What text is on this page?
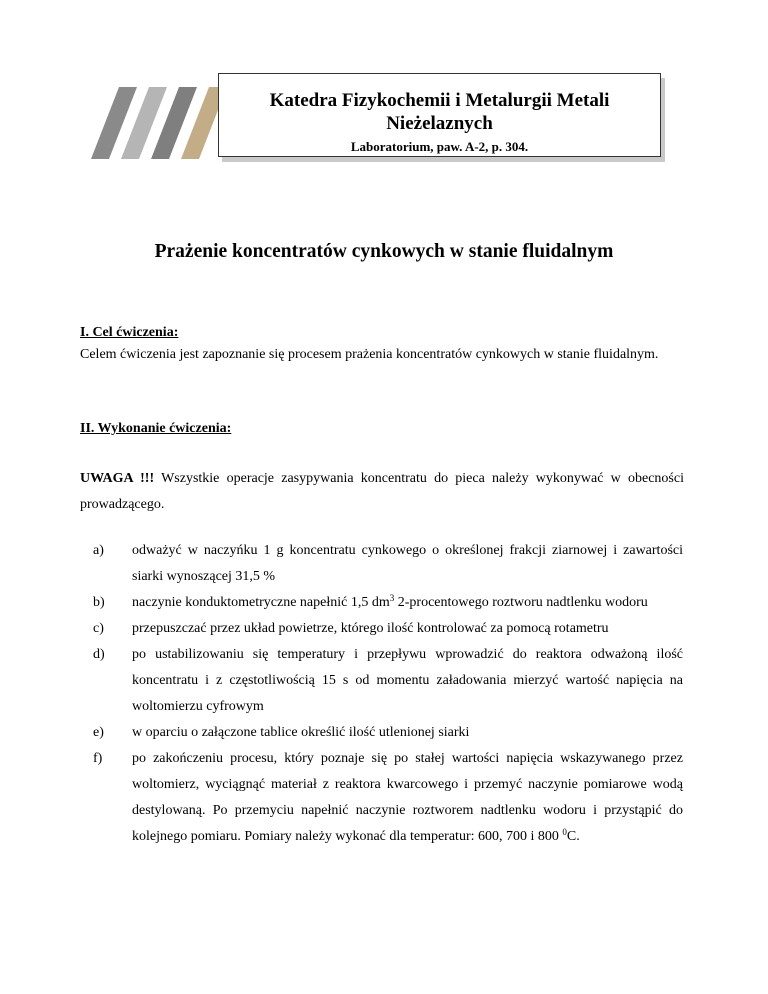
Katedra Fizykochemii i Metalurgii Metali Nieżelaznych
Laboratorium, paw. A-2, p. 304.
Prażenie koncentratów cynkowych w stanie fluidalnym
I. Cel ćwiczenia:
Celem ćwiczenia jest zapoznanie się procesem prażenia koncentratów cynkowych w stanie fluidalnym.
II. Wykonanie ćwiczenia:
UWAGA !!! Wszystkie operacje zasypywania koncentratu do pieca należy wykonywać w obecności prowadzącego.
a) odważyć w naczyńku 1 g koncentratu cynkowego o określonej frakcji ziarnowej i zawartości siarki wynoszącej 31,5 %
b) naczynie konduktometryczne napełnić 1,5 $dm^3$ 2-procentowego roztworu nadtlenku wodoru
c) przepuszczać przez układ powietrze, którego ilość kontrolować za pomocą rotametru
d) po ustabilizowaniu się temperatury i przepływu wprowadzić do reaktora odważoną ilość koncentratu i z częstotliwością 15 s od momentu załadowania mierzyć wartość napięcia na woltomierzu cyfrowym
e) w oparciu o załączone tablice określić ilość utlenionej siarki
f) po zakończeniu procesu, który poznaje się po stałej wartości napięcia wskazywanego przez woltomierz, wyciągnąć materiał z reaktora kwarcowego i przemyć naczynie pomiarowe wodą destylowaną. Po przemyciu napełnić naczynie roztworem nadtlenku wodoru i przystąpić do kolejnego pomiaru. Pomiary należy wykonać dla temperatur: 600, 700 i 800 $^0$C.
